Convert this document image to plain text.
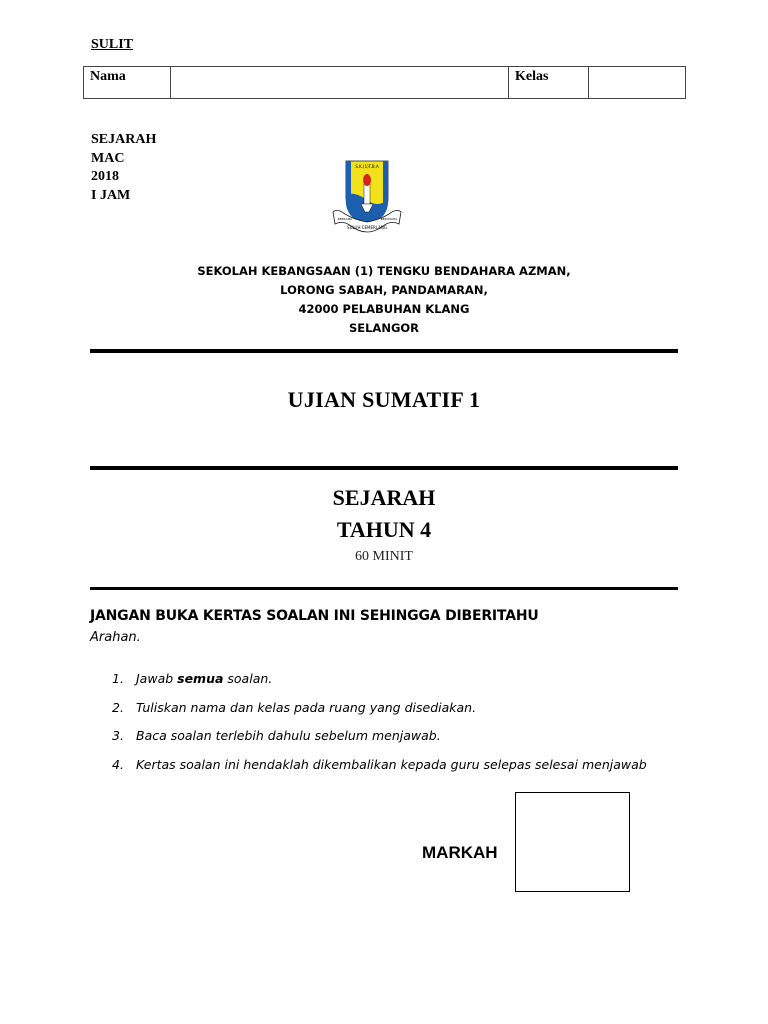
SULIT
Nama		Kelas	
SEJARAH
MAC
2018
I JAM
S.K.(1)T.B.A
SULUH CEMERLANG
BERSAMA	BERUSAHA
SEKOLAH KEBANGSAAN (1) TENGKU BENDAHARA AZMAN,
LORONG SABAH, PANDAMARAN,
42000 PELABUHAN KLANG
SELANGOR
UJIAN SUMATIF 1
SEJARAH
TAHUN 4
60 MINIT
JANGAN BUKA KERTAS SOALAN INI SEHINGGA DIBERITAHU
Arahan.
1. Jawab semua soalan.
2. Tuliskan nama dan kelas pada ruang yang disediakan.
3. Baca soalan terlebih dahulu sebelum menjawab.
4. Kertas soalan ini hendaklah dikembalikan kepada guru selepas selesai menjawab
MARKAH
